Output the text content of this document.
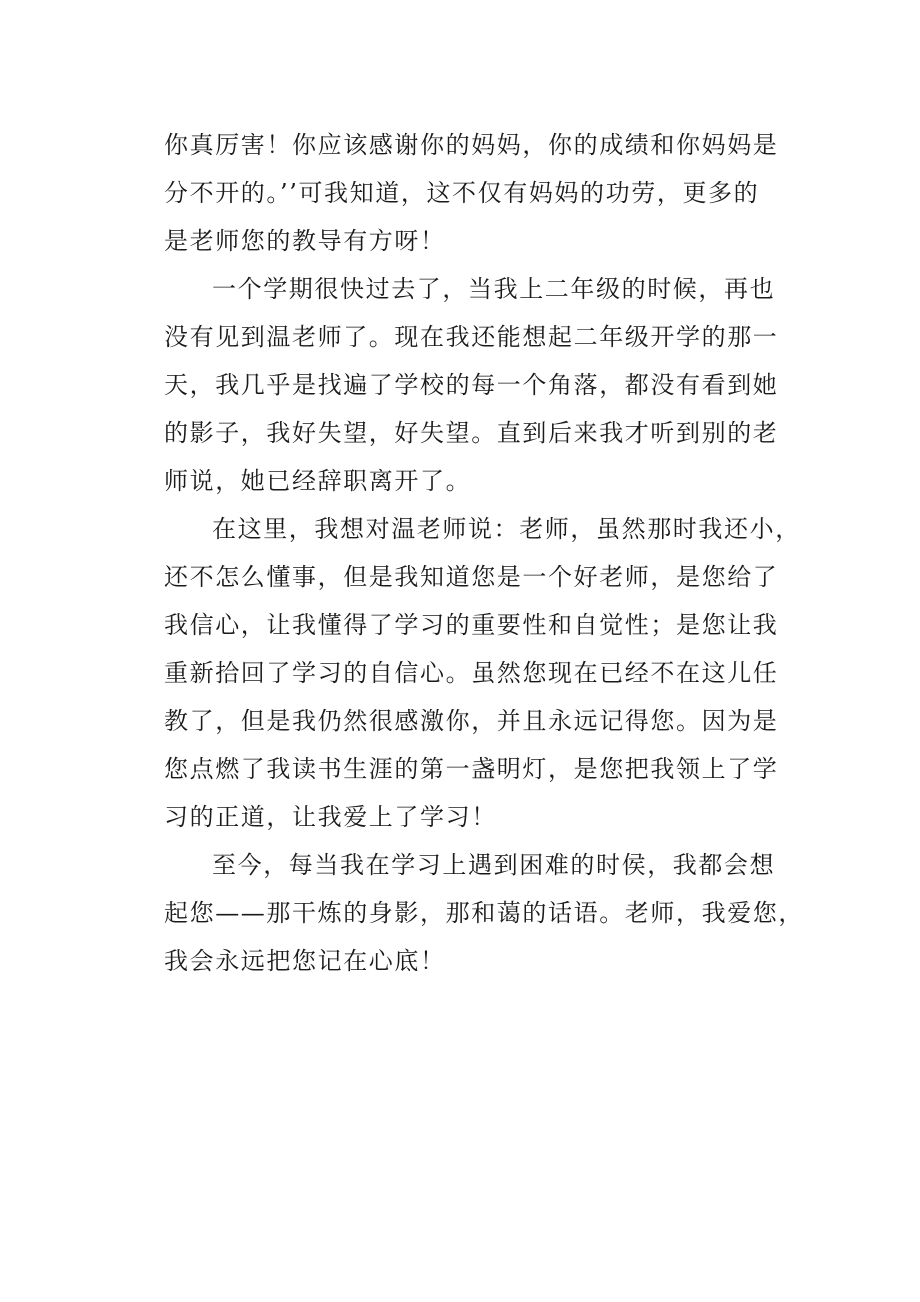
你真厉害！你应该感谢你的妈妈，你的成绩和你妈妈是
分不开的。’’可我知道，这不仅有妈妈的功劳，更多的
是老师您的教导有方呀！
一个学期很快过去了，当我上二年级的时候，再也
没有见到温老师了。现在我还能想起二年级开学的那一
天，我几乎是找遍了学校的每一个角落，都没有看到她
的影子，我好失望，好失望。直到后来我才听到别的老
师说，她已经辞职离开了。
在这里，我想对温老师说：老师，虽然那时我还小，
还不怎么懂事，但是我知道您是一个好老师，是您给了
我信心，让我懂得了学习的重要性和自觉性；是您让我
重新拾回了学习的自信心。虽然您现在已经不在这儿任
教了，但是我仍然很感激你，并且永远记得您。因为是
您点燃了我读书生涯的第一盏明灯，是您把我领上了学
习的正道，让我爱上了学习！
至今，每当我在学习上遇到困难的时侯，我都会想
起您——那干炼的身影，那和蔼的话语。老师，我爱您，
我会永远把您记在心底！
